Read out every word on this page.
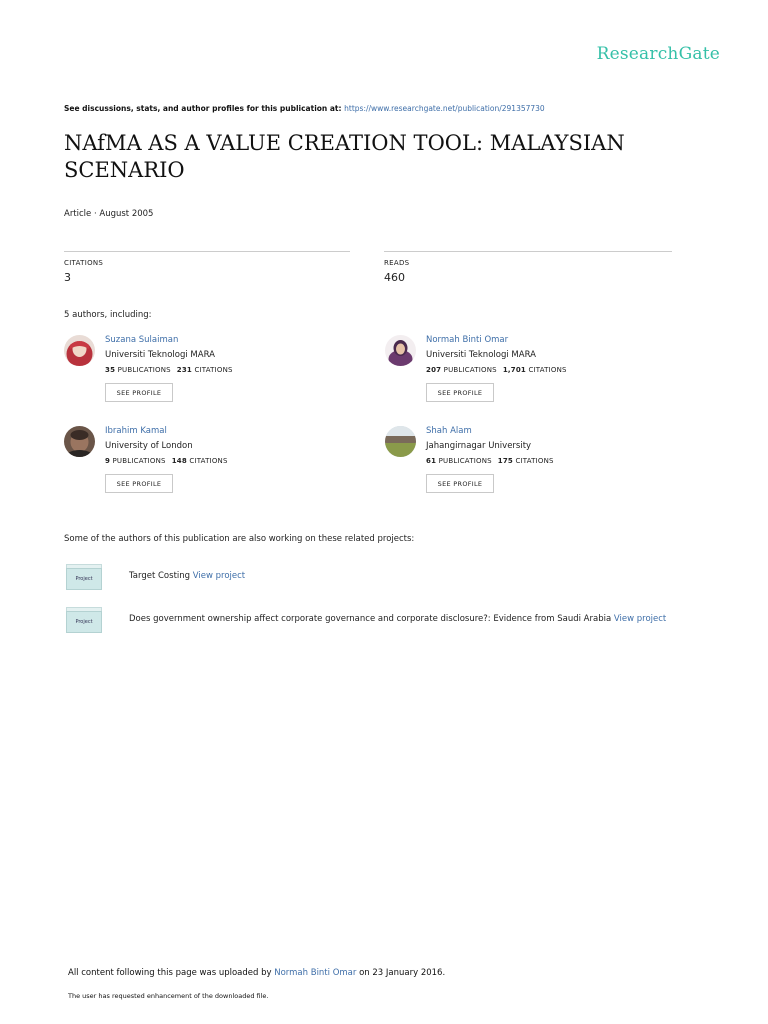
ResearchGate
See discussions, stats, and author profiles for this publication at: https://www.researchgate.net/publication/291357730
NAfMA AS A VALUE CREATION TOOL: MALAYSIAN SCENARIO
Article · August 2005
CITATIONS
3
READS
460
5 authors, including:
Suzana Sulaiman
Universiti Teknologi MARA
35 PUBLICATIONS 231 CITATIONS
SEE PROFILE
Normah Binti Omar
Universiti Teknologi MARA
207 PUBLICATIONS 1,701 CITATIONS
SEE PROFILE
Ibrahim Kamal
University of London
9 PUBLICATIONS 148 CITATIONS
SEE PROFILE
Shah Alam
Jahangirnagar University
61 PUBLICATIONS 175 CITATIONS
SEE PROFILE
Some of the authors of this publication are also working on these related projects:
Project	Target Costing View project
Project	Does government ownership affect corporate governance and corporate disclosure?: Evidence from Saudi Arabia View project
All content following this page was uploaded by Normah Binti Omar on 23 January 2016.
The user has requested enhancement of the downloaded file.
